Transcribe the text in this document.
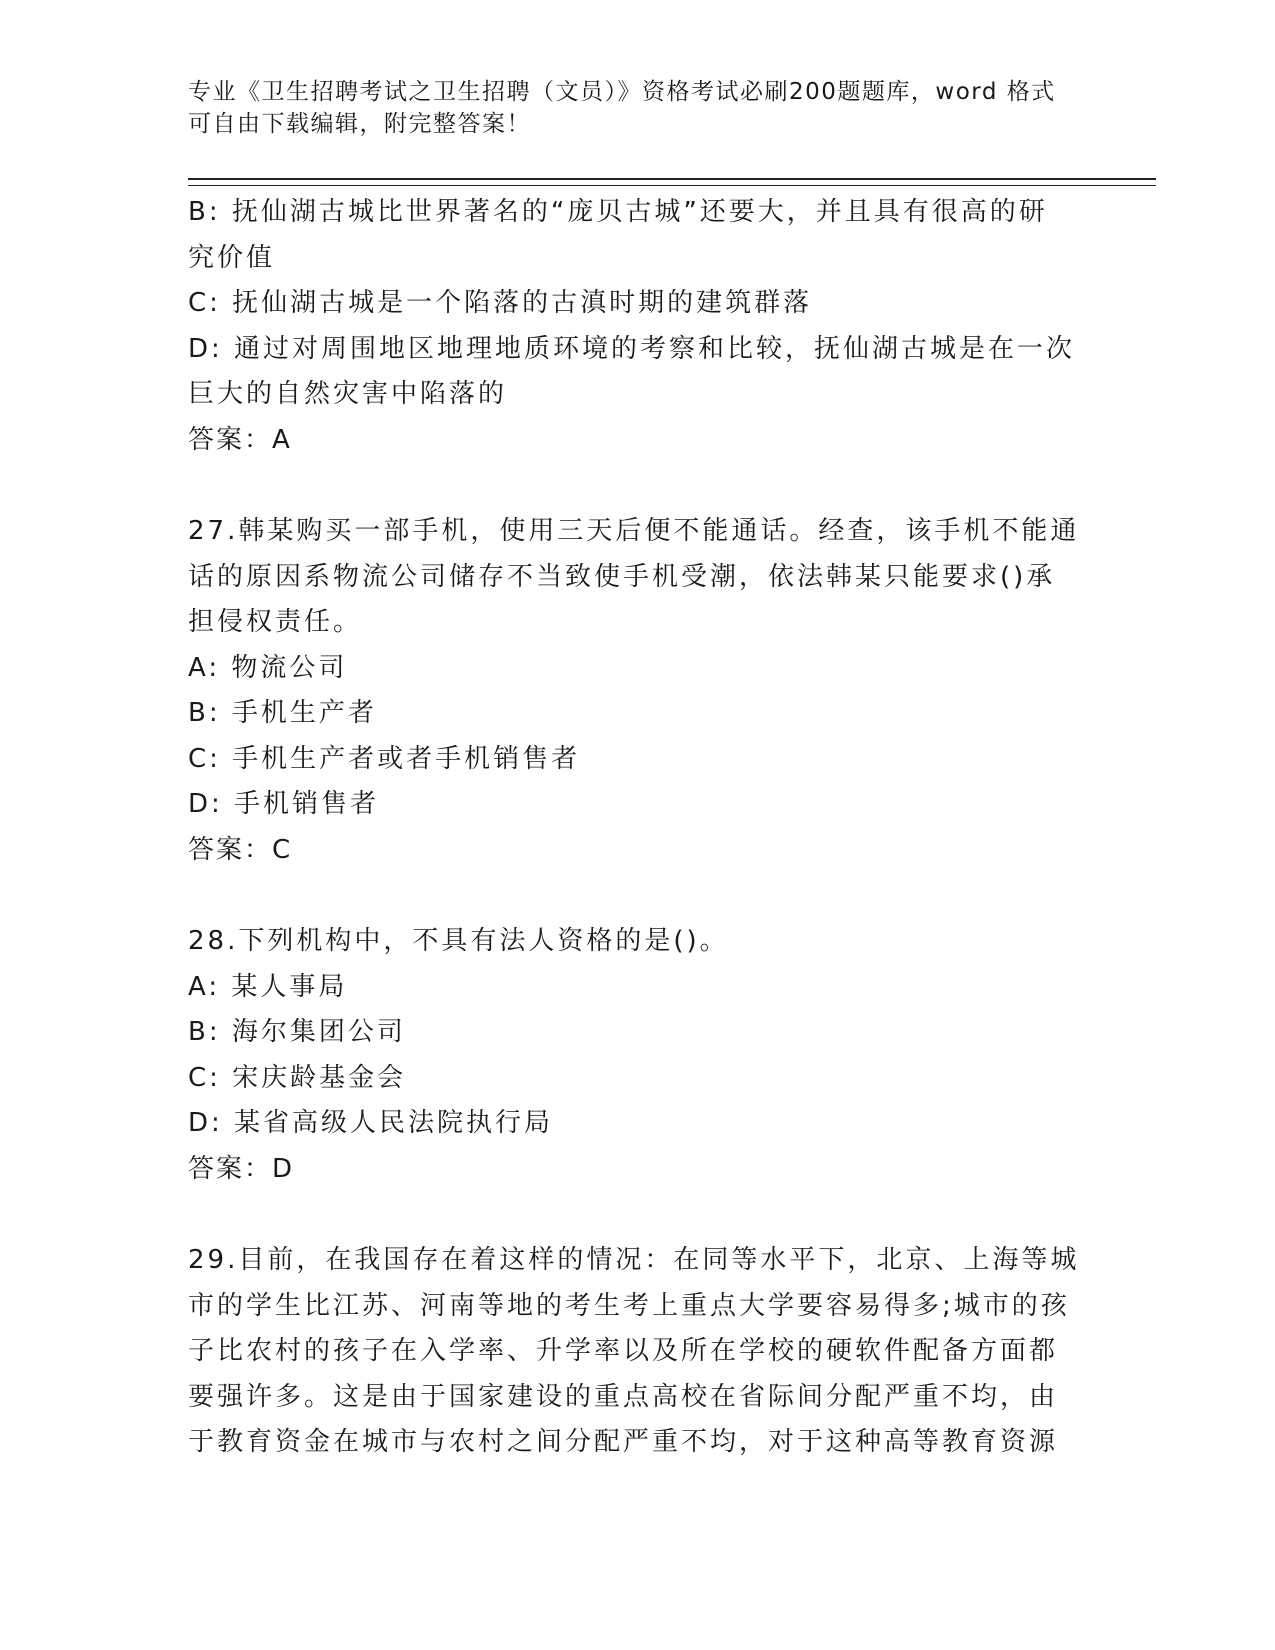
专业《卫生招聘考试之卫生招聘（文员）》资格考试必刷200题题库，word 格式
可自由下载编辑，附完整答案！
B: 抚仙湖古城比世界著名的“庞贝古城”还要大，并且具有很高的研
究价值
C: 抚仙湖古城是一个陷落的古滇时期的建筑群落
D: 通过对周围地区地理地质环境的考察和比较，抚仙湖古城是在一次
巨大的自然灾害中陷落的
答案：A
27.韩某购买一部手机，使用三天后便不能通话。经查，该手机不能通
话的原因系物流公司储存不当致使手机受潮，依法韩某只能要求()承
担侵权责任。
A: 物流公司
B: 手机生产者
C: 手机生产者或者手机销售者
D: 手机销售者
答案：C
28.下列机构中，不具有法人资格的是()。
A: 某人事局
B: 海尔集团公司
C: 宋庆龄基金会
D: 某省高级人民法院执行局
答案：D
29.目前，在我国存在着这样的情况：在同等水平下，北京、上海等城
市的学生比江苏、河南等地的考生考上重点大学要容易得多;城市的孩
子比农村的孩子在入学率、升学率以及所在学校的硬软件配备方面都
要强许多。这是由于国家建设的重点高校在省际间分配严重不均，由
于教育资金在城市与农村之间分配严重不均，对于这种高等教育资源
